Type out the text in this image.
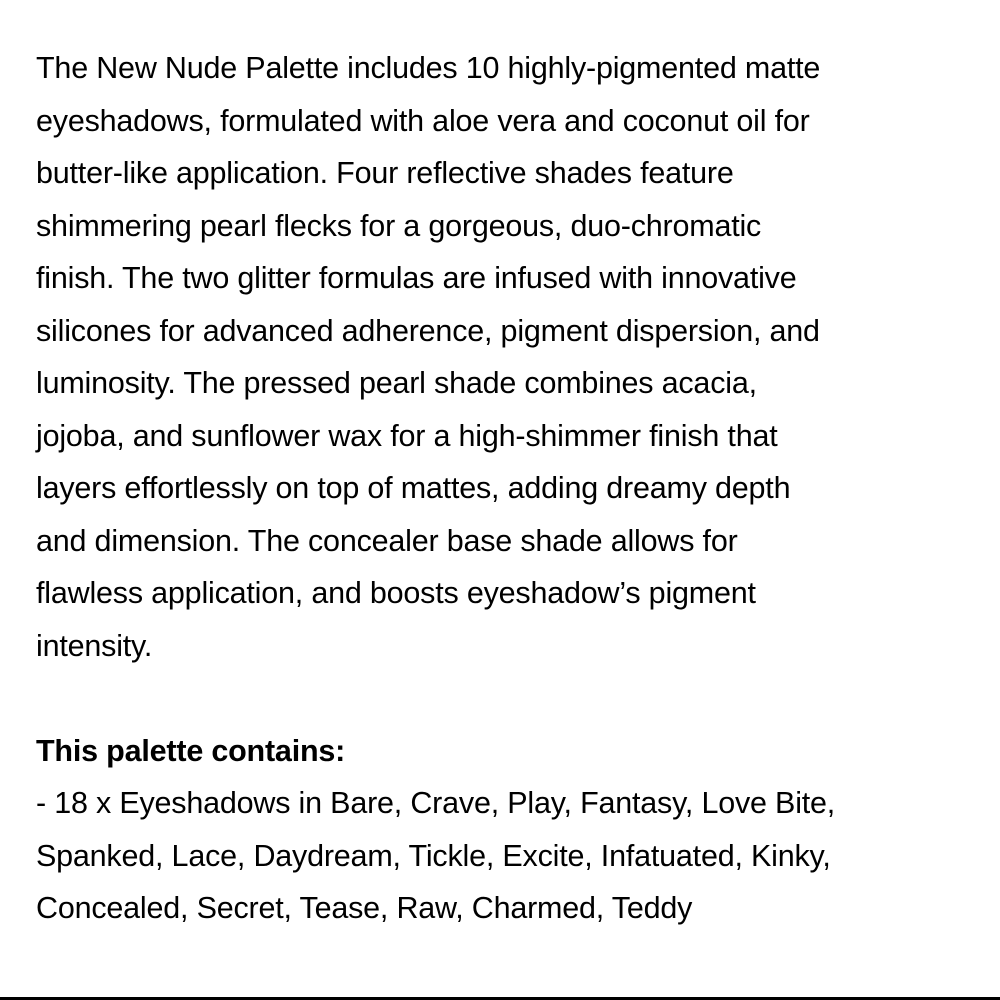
The New Nude Palette includes 10 highly-pigmented matte
eyeshadows, formulated with aloe vera and coconut oil for
butter-like application. Four reflective shades feature
shimmering pearl flecks for a gorgeous, duo-chromatic
finish. The two glitter formulas are infused with innovative
silicones for advanced adherence, pigment dispersion, and
luminosity. The pressed pearl shade combines acacia,
jojoba, and sunflower wax for a high-shimmer finish that
layers effortlessly on top of mattes, adding dreamy depth
and dimension. The concealer base shade allows for
flawless application, and boosts eyeshadow’s pigment
intensity.

This palette contains:
- 18 x Eyeshadows in Bare, Crave, Play, Fantasy, Love Bite,
Spanked, Lace, Daydream, Tickle, Excite, Infatuated, Kinky,
Concealed, Secret, Tease, Raw, Charmed, Teddy
